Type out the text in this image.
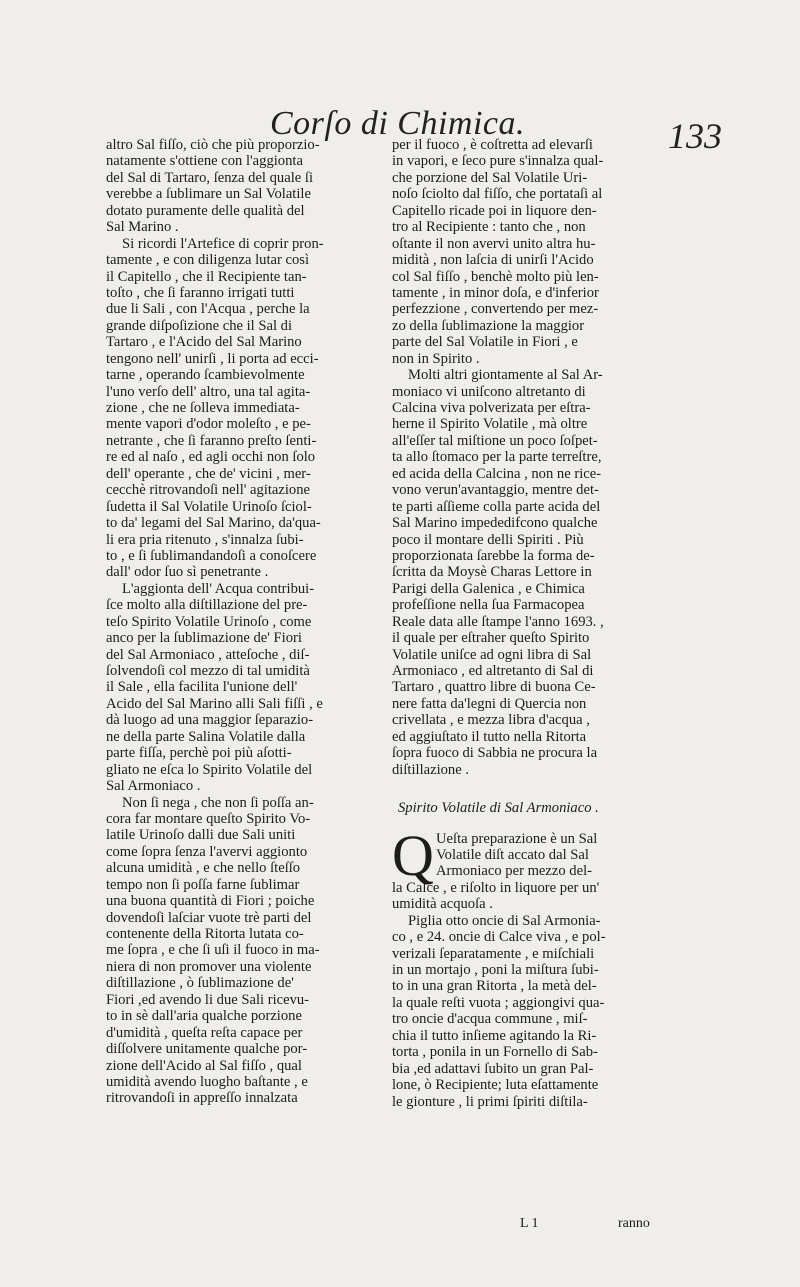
Corſo di Chimica.	133
altro Sal fiſſo, ciò che più proporzio-
natamente s'ottiene con l'aggionta
del Sal di Tartaro, ſenza del quale ſi
verebbe a ſublimare un Sal Volatile
dotato puramente delle qualità del
Sal Marino .
Si ricordi l'Artefice di coprir pron-
tamente , e con diligenza lutar così
il Capitello , che il Recipiente tan-
toſto , che ſi faranno irrigati tutti
due li Sali , con l'Acqua , perche la
grande diſpoſizione che il Sal di
Tartaro , e l'Acido del Sal Marino
tengono nell' unirſi , li porta ad ecci-
tarne , operando ſcambievolmente
l'uno verſo dell' altro, una tal agita-
zione , che ne ſolleva immediata-
mente vapori d'odor moleſto , e pe-
netrante , che ſi faranno preſto ſenti-
re ed al naſo , ed agli occhi non ſolo
dell' operante , che de' vicini , mer-
cecchè ritrovandoſi nell' agitazione
ſudetta il Sal Volatile Urinoſo ſciol-
to da' legami del Sal Marino, da'qua-
li era pria ritenuto , s'innalza ſubi-
to , e ſi ſublimandandoſi a conoſcere
dall' odor ſuo sì penetrante .
L'aggionta dell' Acqua contribui-
ſce molto alla diſtillazione del pre-
teſo Spirito Volatile Urinoſo , come
anco per la ſublimazione de' Fiori
del Sal Armoniaco , atteſoche , diſ-
ſolvendoſi col mezzo di tal umidità
il Sale , ella facilita l'unione dell'
Acido del Sal Marino alli Sali fiſſi , e
dà luogo ad una maggior ſeparazio-
ne della parte Salina Volatile dalla
parte fiſſa, perchè poi più aſotti-
gliato ne eſca lo Spirito Volatile del
Sal Armoniaco .
Non ſi nega , che non ſi poſſa an-
cora far montare queſto Spirito Vo-
latile Urinoſo dalli due Sali uniti
come ſopra ſenza l'avervi aggionto
alcuna umidità , e che nello ſteſſo
tempo non ſi poſſa farne ſublimar
una buona quantità di Fiori ; poiche
dovendoſi laſciar vuote trè parti del
contenente della Ritorta lutata co-
me ſopra , e che ſi uſi il fuoco in ma-
niera di non promover una violente
diſtillazione , ò ſublimazione de'
Fiori ,ed avendo li due Sali ricevu-
to in sè dall'aria qualche porzione
d'umidità , queſta reſta capace per
diſſolvere unitamente qualche por-
zione dell'Acido al Sal fiſſo , qual
umidità avendo luogho baſtante , e
ritrovandoſi in appreſſo innalzata
per il fuoco , è coſtretta ad elevarſi
in vapori, e ſeco pure s'innalza qual-
che porzione del Sal Volatile Uri-
noſo ſciolto dal fiſſo, che portataſi al
Capitello ricade poi in liquore den-
tro al Recipiente : tanto che , non
oſtante il non avervi unito altra hu-
midità , non laſcia di unirſi l'Acido
col Sal fiſſo , benchè molto più len-
tamente , in minor doſa, e d'inferior
perfezzione , convertendo per mez-
zo della ſublimazione la maggior
parte del Sal Volatile in Fiori , e
non in Spirito .
Molti altri giontamente al Sal Ar-
moniaco vi uniſcono altretanto di
Calcina viva polverizata per eſtra-
herne il Spirito Volatile , mà oltre
all'eſſer tal miſtione un poco ſoſpet-
ta allo ſtomaco per la parte terreſtre,
ed acida della Calcina , non ne rice-
vono verun'avantaggio, mentre det-
te parti aſſieme colla parte acida del
Sal Marino impededifcono qualche
poco il montare delli Spiriti . Più
proporzionata ſarebbe la forma de-
ſcritta da Moysè Charas Lettore in
Parigi della Galenica , e Chimica
profeſſione nella ſua Farmacopea
Reale data alle ſtampe l'anno 1693. ,
il quale per eſtraher queſto Spirito
Volatile uniſce ad ogni libra di Sal
Armoniaco , ed altretanto di Sal di
Tartaro , quattro libre di buona Ce-
nere fatta da'legni di Quercia non
crivellata , e mezza libra d'acqua ,
ed aggiuſtato il tutto nella Ritorta
ſopra fuoco di Sabbia ne procura la
diſtillazione .
Spirito Volatile di Sal Armoniaco .
Q Ueſta preparazione è un Sal
Volatile diſt accato dal Sal
Armoniaco per mezzo del-
la Calce , e riſolto in liquore per un'
umidità acquoſa .
Piglia otto oncie di Sal Armonia-
co , e 24. oncie di Calce viva , e pol-
verizali ſeparatamente , e miſchiali
in un mortajo , poni la miſtura ſubi-
to in una gran Ritorta , la metà del-
la quale reſti vuota ; aggiongivi qua-
tro oncie d'acqua commune , miſ-
chia il tutto inſieme agitando la Ri-
torta , ponila in un Fornello di Sab-
bia ,ed adattavi ſubito un gran Pal-
lone, ò Recipiente; luta eſattamente
le gionture , li primi ſpiriti diſtila-
L 1	ranno
